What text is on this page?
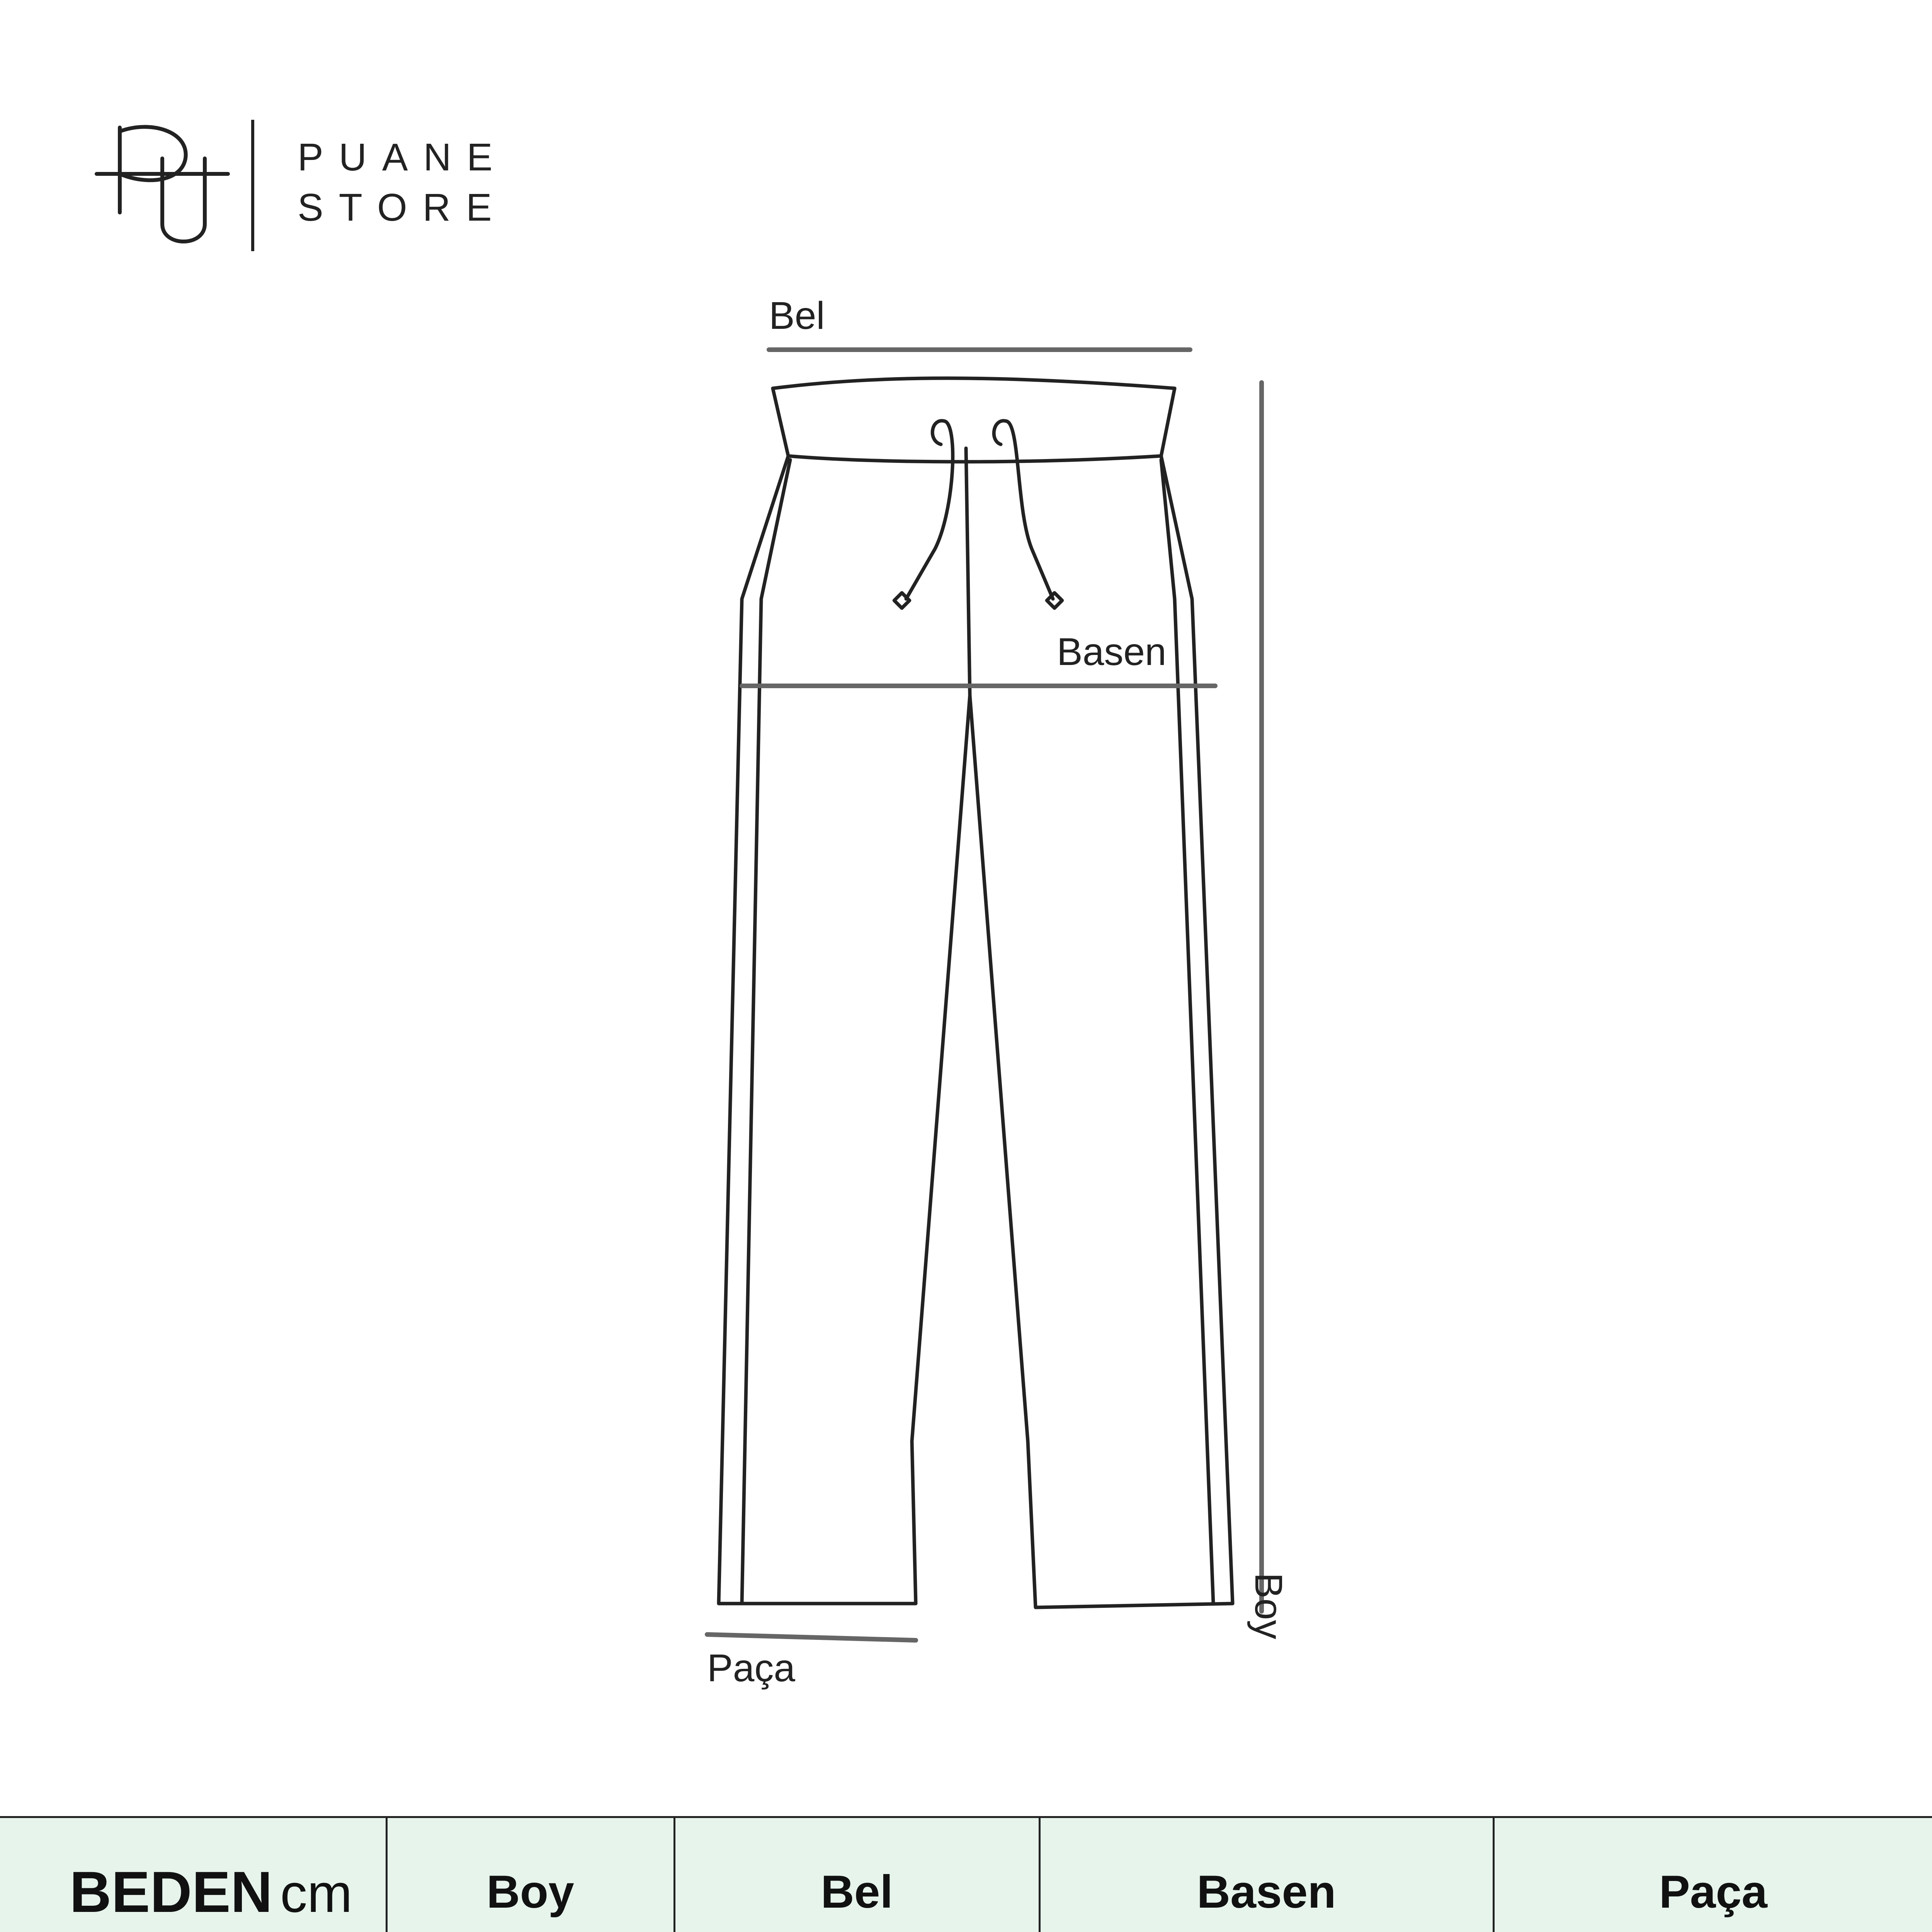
PUANE
STORE
Bel
Basen
Boy
Paça
BEDEN cm	Boy	Bel	Basen	Paça
